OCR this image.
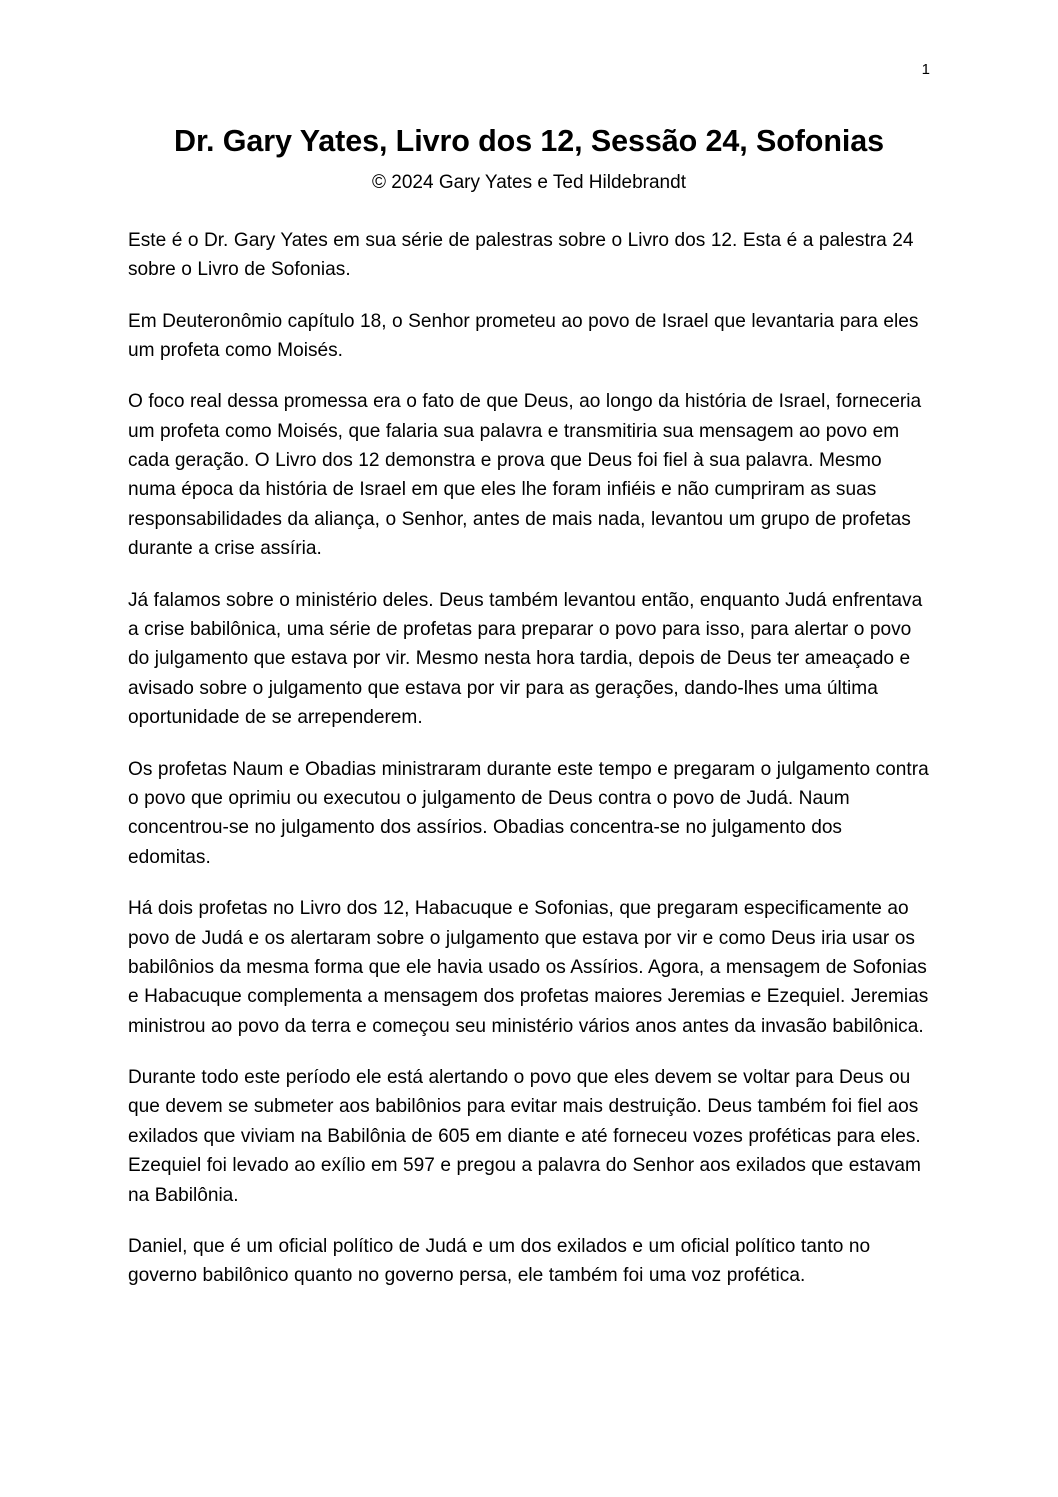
1
Dr. Gary Yates, Livro dos 12, Sessão 24, Sofonias
© 2024 Gary Yates e Ted Hildebrandt

Este é o Dr. Gary Yates em sua série de palestras sobre o Livro dos 12. Esta é a palestra 24 sobre o Livro de Sofonias.

Em Deuteronômio capítulo 18, o Senhor prometeu ao povo de Israel que levantaria para eles um profeta como Moisés.

O foco real dessa promessa era o fato de que Deus, ao longo da história de Israel, forneceria um profeta como Moisés, que falaria sua palavra e transmitiria sua mensagem ao povo em cada geração. O Livro dos 12 demonstra e prova que Deus foi fiel à sua palavra. Mesmo numa época da história de Israel em que eles lhe foram infiéis e não cumpriram as suas responsabilidades da aliança, o Senhor, antes de mais nada, levantou um grupo de profetas durante a crise assíria.

Já falamos sobre o ministério deles. Deus também levantou então, enquanto Judá enfrentava a crise babilônica, uma série de profetas para preparar o povo para isso, para alertar o povo do julgamento que estava por vir. Mesmo nesta hora tardia, depois de Deus ter ameaçado e avisado sobre o julgamento que estava por vir para as gerações, dando-lhes uma última oportunidade de se arrependerem.

Os profetas Naum e Obadias ministraram durante este tempo e pregaram o julgamento contra o povo que oprimiu ou executou o julgamento de Deus contra o povo de Judá. Naum concentrou-se no julgamento dos assírios. Obadias concentra-se no julgamento dos edomitas.

Há dois profetas no Livro dos 12, Habacuque e Sofonias, que pregaram especificamente ao povo de Judá e os alertaram sobre o julgamento que estava por vir e como Deus iria usar os babilônios da mesma forma que ele havia usado os Assírios. Agora, a mensagem de Sofonias e Habacuque complementa a mensagem dos profetas maiores Jeremias e Ezequiel. Jeremias ministrou ao povo da terra e começou seu ministério vários anos antes da invasão babilônica.

Durante todo este período ele está alertando o povo que eles devem se voltar para Deus ou que devem se submeter aos babilônios para evitar mais destruição. Deus também foi fiel aos exilados que viviam na Babilônia de 605 em diante e até forneceu vozes proféticas para eles. Ezequiel foi levado ao exílio em 597 e pregou a palavra do Senhor aos exilados que estavam na Babilônia.

Daniel, que é um oficial político de Judá e um dos exilados e um oficial político tanto no governo babilônico quanto no governo persa, ele também foi uma voz profética.
